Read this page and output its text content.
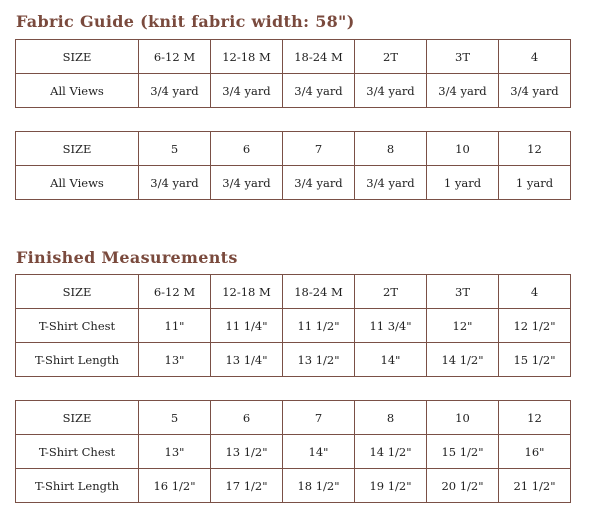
Fabric Guide (knit fabric width: 58")
SIZE	6-12 M	12-18 M	18-24 M	2T	3T	4
All Views	3/4 yard	3/4 yard	3/4 yard	3/4 yard	3/4 yard	3/4 yard
SIZE	5	6	7	8	10	12
All Views	3/4 yard	3/4 yard	3/4 yard	3/4 yard	1 yard	1 yard
Finished Measurements
SIZE	6-12 M	12-18 M	18-24 M	2T	3T	4
T-Shirt Chest	11"	11 1/4"	11 1/2"	11 3/4"	12"	12 1/2"
T-Shirt Length	13"	13 1/4"	13 1/2"	14"	14 1/2"	15 1/2"
SIZE	5	6	7	8	10	12
T-Shirt Chest	13"	13 1/2"	14"	14 1/2"	15 1/2"	16"
T-Shirt Length	16 1/2"	17 1/2"	18 1/2"	19 1/2"	20 1/2"	21 1/2"
